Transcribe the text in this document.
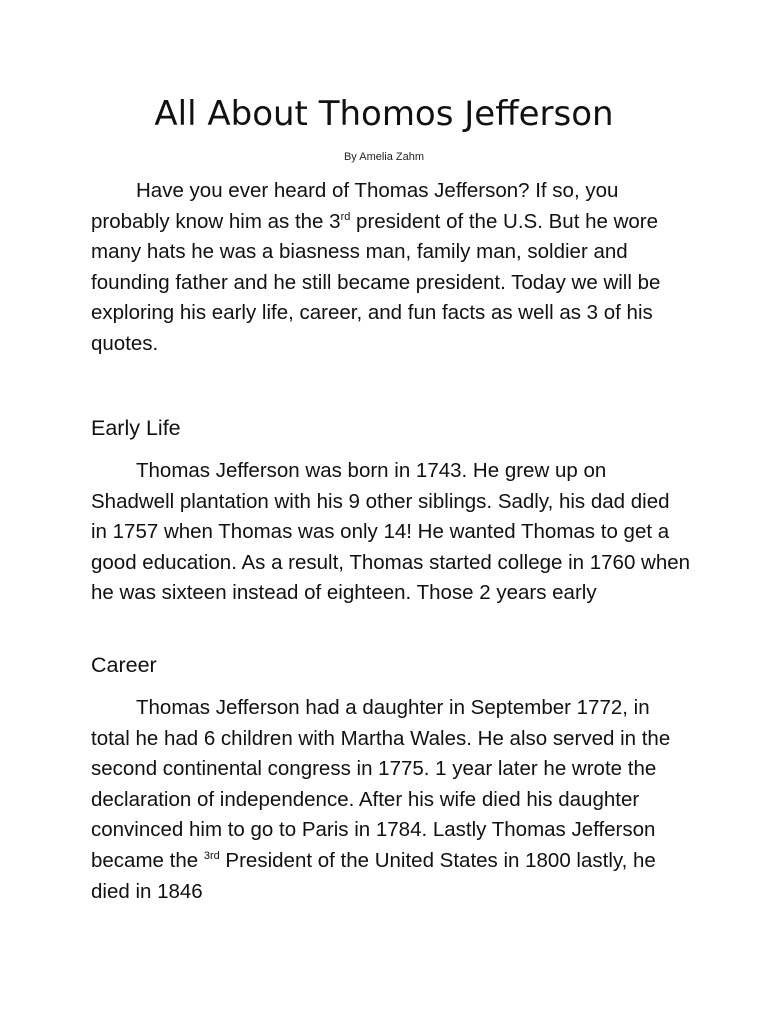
All About Thomos Jefferson
By Amelia Zahm

Have you ever heard of Thomas Jefferson? If so, you probably know him as the 3rd president of the U.S. But he wore many hats he was a biasness man, family man, soldier and founding father and he still became president. Today we will be exploring his early life, career, and fun facts as well as 3 of his quotes.

Early Life

Thomas Jefferson was born in 1743. He grew up on Shadwell plantation with his 9 other siblings. Sadly, his dad died in 1757 when Thomas was only 14! He wanted Thomas to get a good education. As a result, Thomas started college in 1760 when he was sixteen instead of eighteen. Those 2 years early

Career

Thomas Jefferson had a daughter in September 1772, in total he had 6 children with Martha Wales. He also served in the second continental congress in 1775. 1 year later he wrote the declaration of independence. After his wife died his daughter convinced him to go to Paris in 1784. Lastly Thomas Jefferson became the $^{3rd}$ President of the United States in 1800 lastly, he died in 1846
